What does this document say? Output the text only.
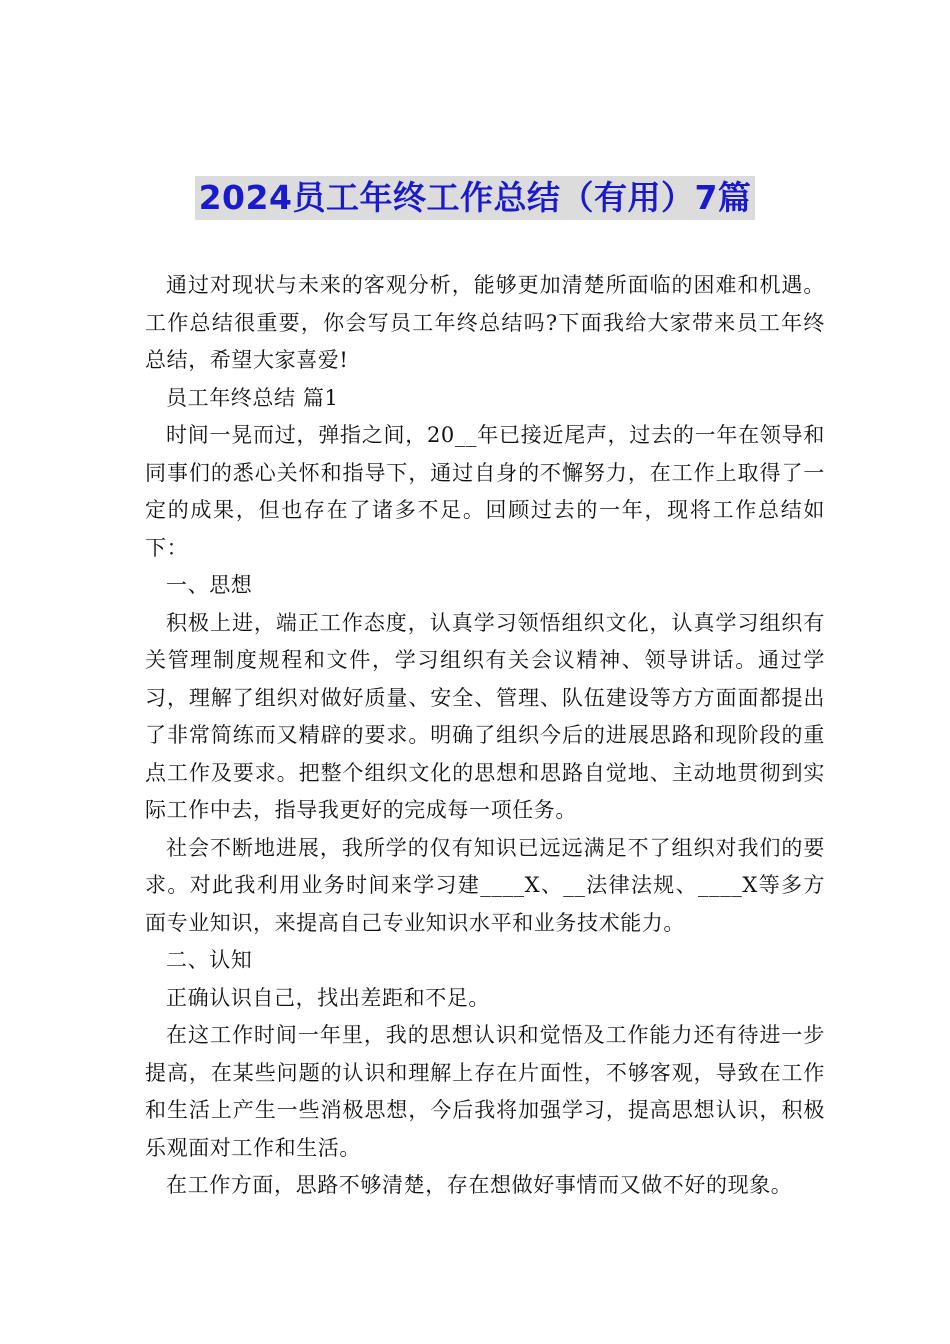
2024员工年终工作总结（有用）7篇

通过对现状与未来的客观分析，能够更加清楚所面临的困难和机遇。工作总结很重要，你会写员工年终总结吗?下面我给大家带来员工年终总结，希望大家喜爱!

员工年终总结 篇1

时间一晃而过，弹指之间，20__年已接近尾声，过去的一年在领导和同事们的悉心关怀和指导下，通过自身的不懈努力，在工作上取得了一定的成果，但也存在了诸多不足。回顾过去的一年，现将工作总结如下：

一、思想

积极上进，端正工作态度，认真学习领悟组织文化，认真学习组织有关管理制度规程和文件，学习组织有关会议精神、领导讲话。通过学习，理解了组织对做好质量、安全、管理、队伍建设等方方面面都提出了非常简练而又精辟的要求。明确了组织今后的进展思路和现阶段的重点工作及要求。把整个组织文化的思想和思路自觉地、主动地贯彻到实际工作中去，指导我更好的完成每一项任务。

社会不断地进展，我所学的仅有知识已远远满足不了组织对我们的要求。对此我利用业务时间来学习建____X、__法律法规、____X等多方面专业知识，来提高自己专业知识水平和业务技术能力。

二、认知

正确认识自己，找出差距和不足。

在这工作时间一年里，我的思想认识和觉悟及工作能力还有待进一步提高，在某些问题的认识和理解上存在片面性，不够客观，导致在工作和生活上产生一些消极思想，今后我将加强学习，提高思想认识，积极乐观面对工作和生活。

在工作方面，思路不够清楚，存在想做好事情而又做不好的现象。
